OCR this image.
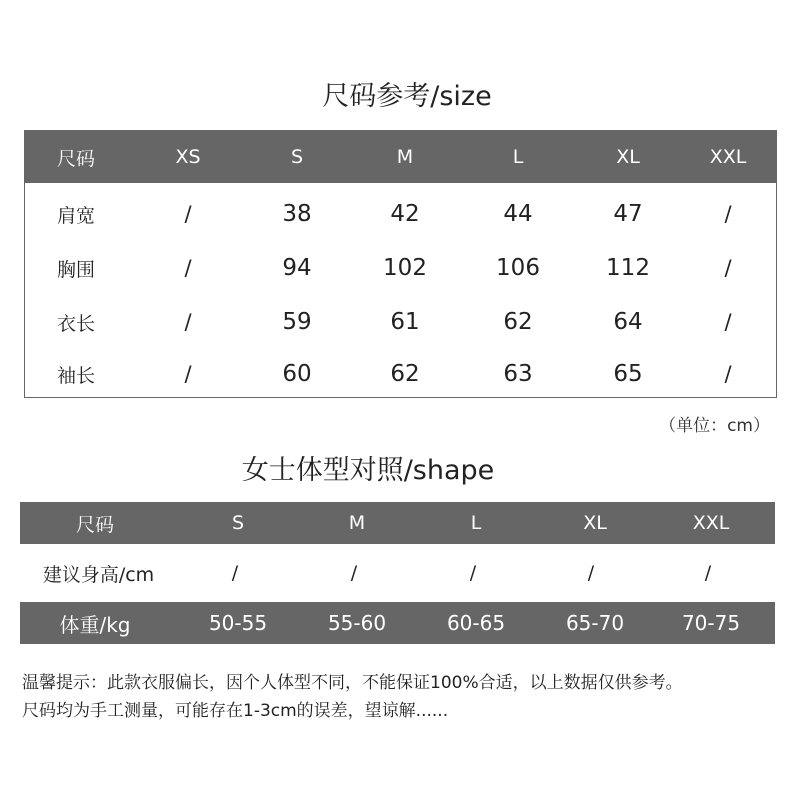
尺码参考/size
尺码	XS	S	M	L	XL	XXL
肩宽	/	38	42	44	47	/
胸围	/	94	102	106	112	/
衣长	/	59	61	62	64	/
袖长	/	60	62	63	65	/
（单位：cm）
女士体型对照/shape
尺码	S	M	L	XL	XXL
建议身高/cm	/	/	/	/	/
体重/kg	50-55	55-60	60-65	65-70	70-75
温馨提示：此款衣服偏长，因个人体型不同，不能保证100%合适，以上数据仅供参考。
尺码均为手工测量，可能存在1-3cm的误差，望谅解......
